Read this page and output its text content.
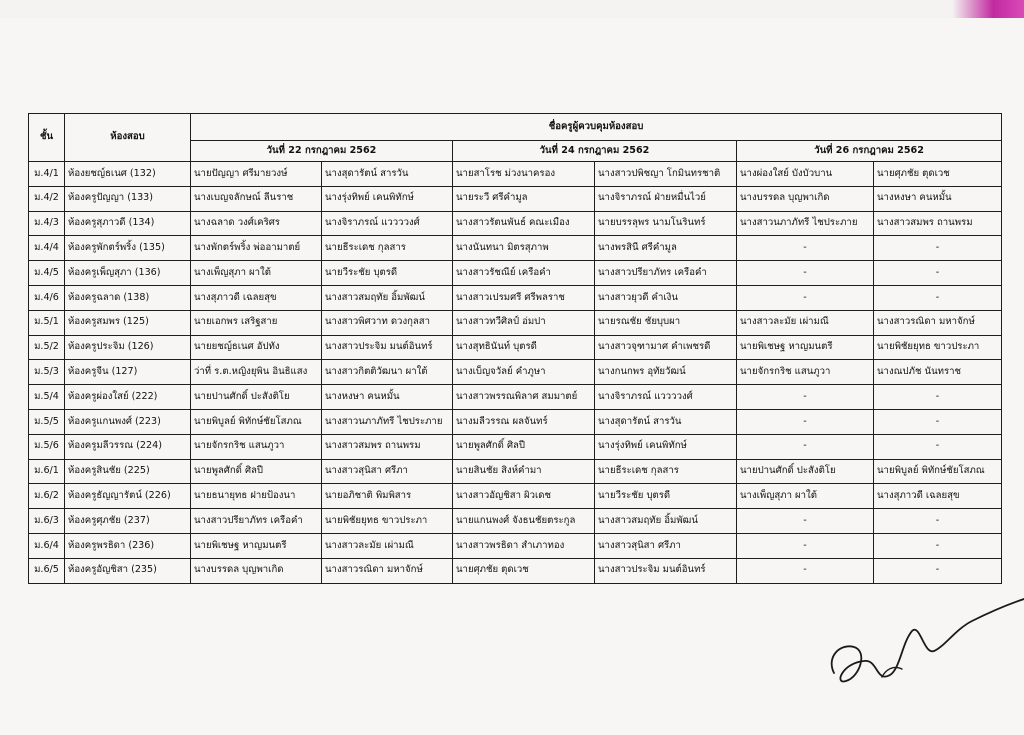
ชั้น	ห้องสอบ	ชื่อครูผู้ควบคุมห้องสอบ					
		วันที่ 22 กรกฎาคม 2562		วันที่ 24 กรกฎาคม 2562		วันที่ 26 กรกฎาคม 2562	
ม.4/1	ห้องยชญ์ธเนศ (132)	นายปัญญา ศรีมายวงษ์	นางสุดารัตน์ สารวัน	นายสาโรช ม่วงนาครอง	นางสาวปพิชญา โกมินทรชาติ	นางผ่องใสย์ บังบัวบาน	นายศุภชัย ตุดเวช
ม.4/2	ห้องครูปัญญา (133)	นางเบญจลักษณ์ ลีนราช	นางรุ่งทิพย์ เคนพิทักษ์	นายระวี ศรีคำมูล	นางจิราภรณ์ ฝ่ายหมื่นไวย์	นางบรรดล บุญพาเกิด	นางหงษา คนหมั้น
ม.4/3	ห้องครูสุภาวดี (134)	นางฉลาด วงศ์เคริศร	นางจิราภรณ์ แววววงศ์	นางสาวรัตนพันธ์ คณะเมือง	นายบรรลุพร นามโนรินทร์	นางสาวนภาภัทรี ไชประภาย	นางสาวสมพร ถานพรม
ม.4/4	ห้องครูพักตร์พริ้ง (135)	นางพักตร์พริ้ง พ่ออามาตย์	นายธีระเดช กุลสาร	นางนันทนา มิตรสุภาพ	นางพรสินี ศรีคำมูล	-	-
ม.4/5	ห้องครูเพ็ญสุภา (136)	นางเพ็ญสุภา ผาใต้	นายวีระชัย บุตรดี	นางสาวรัชณีย์ เครือคำ	นางสาวปรียาภัทร เครือคำ	-	-
ม.4/6	ห้องครูฉลาด (138)	นางสุภาวดี เฉลยสุข	นางสาวสมฤทัย อิ้มพัฒน์	นางสาวเปรมศรี ศรีพลราช	นางสาวยุวดี คำเงิน	-	-
ม.5/1	ห้องครูสมพร (125)	นายเอกพร เสริฐสาย	นางสาวพิศวาท ดวงกุลสา	นางสาวทวีศิลป์ อ่มปา	นายรณชัย ชัยบุบผา	นางสาวละมัย เผ่ามณี	นางสาวรณิดา มหาจักษ์
ม.5/2	ห้องครูประจิม (126)	นายยชญ์ธเนศ อัปทัง	นางสาวประจิม มนต์อินทร์	นางสุทธินันท์ บุตรดี	นางสาวจุฑามาศ คำเพชรดี	นายพิเชษฐ หาญมนตรี	นายพิชัยยุทธ ขาวประภา
ม.5/3	ห้องครูจีน (127)	ว่าที่ ร.ต.หญิงยุพิน อินธิแสง	นางสาวกิตติวัฒนา ผาใต้	นางเบ็ญจวัลย์ คำภูษา	นางกนกพร อุทัยวัฒน์	นายจักรกริช แสนภูวา	นางณปภัช นันทราช
ม.5/4	ห้องครูผ่องใสย์ (222)	นายปานศักดิ์ ปะสังติโย	นางหงษา คนหมั้น	นางสาวพรรณพิลาศ สมมาตย์	นางจิราภรณ์ แววววงศ์	-	-
ม.5/5	ห้องครูแกนพงศ์ (223)	นายพิบูลย์ พิทักษ์ชัยโสภณ	นางสาวนภาภัทรี ไชประภาย	นางมลีวรรณ ผลจันทร์	นางสุดารัตน์ สารวัน	-	-
ม.5/6	ห้องครูมลีวรรณ (224)	นายจักรกริช แสนภูวา	นางสาวสมพร ถานพรม	นายพูลศักดิ์ ศิลปี	นางรุ่งทิพย์ เคนพิทักษ์	-	-
ม.6/1	ห้องครูสินชัย (225)	นายพูลศักดิ์ ศิลปี	นางสาวสุนิสา ศรีภา	นายสินชัย สิงห์คำมา	นายธีระเดช กุลสาร	นายปานศักดิ์ ปะสังติโย	นายพิบูลย์ พิทักษ์ชัยโสภณ
ม.6/2	ห้องครูธัญญารัตน์ (226)	นายธนายุทธ ฝายป้องนา	นายอภิชาติ พิมพิสาร	นางสาวอัญชิสา ผิวเดช	นายวีระชัย บุตรดี	นางเพ็ญสุภา ผาใต้	นางสุภาวดี เฉลยสุข
ม.6/3	ห้องครูศุภชัย (237)	นางสาวปรียาภัทร เครือคำ	นายพิชัยยุทธ ขาวประภา	นายแกนพงศ์ จังธนชัยตระกูล	นางสาวสมฤทัย อิ้มพัฒน์	-	-
ม.6/4	ห้องครูพรธิดา (236)	นายพิเชษฐ หาญมนตรี	นางสาวละมัย เผ่ามณี	นางสาวพรธิดา สำเภาทอง	นางสาวสุนิสา ศรีภา	-	-
ม.6/5	ห้องครูอัญชิสา (235)	นางบรรดล บุญพาเกิด	นางสาวรณิดา มหาจักษ์	นายศุภชัย ตุดเวช	นางสาวประจิม มนต์อินทร์	-	-
